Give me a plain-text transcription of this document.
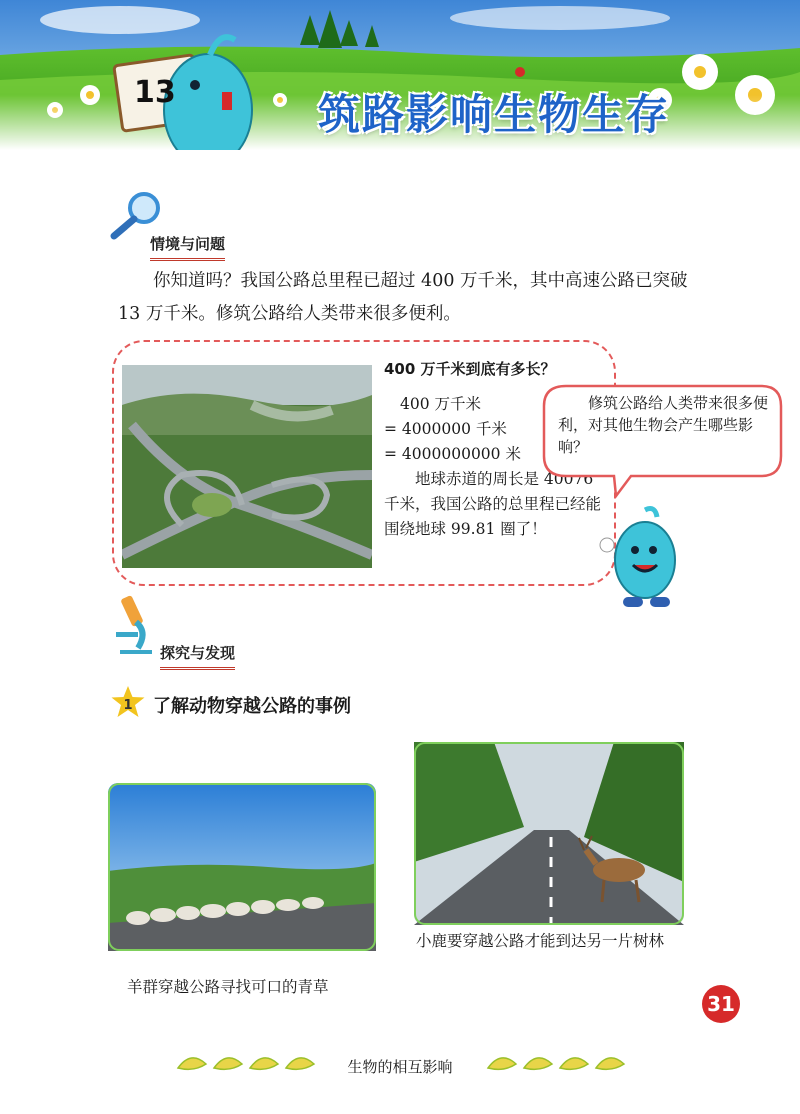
13	筑路影响生物生存
情境与问题
你知道吗？我国公路总里程已超过 400 万千米，其中高速公路已突破 13 万千米。修筑公路给人类带来很多便利。
400 万千米到底有多长？
400 万千米
= 4000000 千米
= 4000000000 米
地球赤道的周长是 40076 千米，我国公路的总里程已经能围绕地球 99.81 圈了！
修筑公路给人类带来很多便利，对其他生物会产生哪些影响？
探究与发现
1 了解动物穿越公路的事例
小鹿要穿越公路才能到达另一片树林
羊群穿越公路寻找可口的青草
31
生物的相互影响
